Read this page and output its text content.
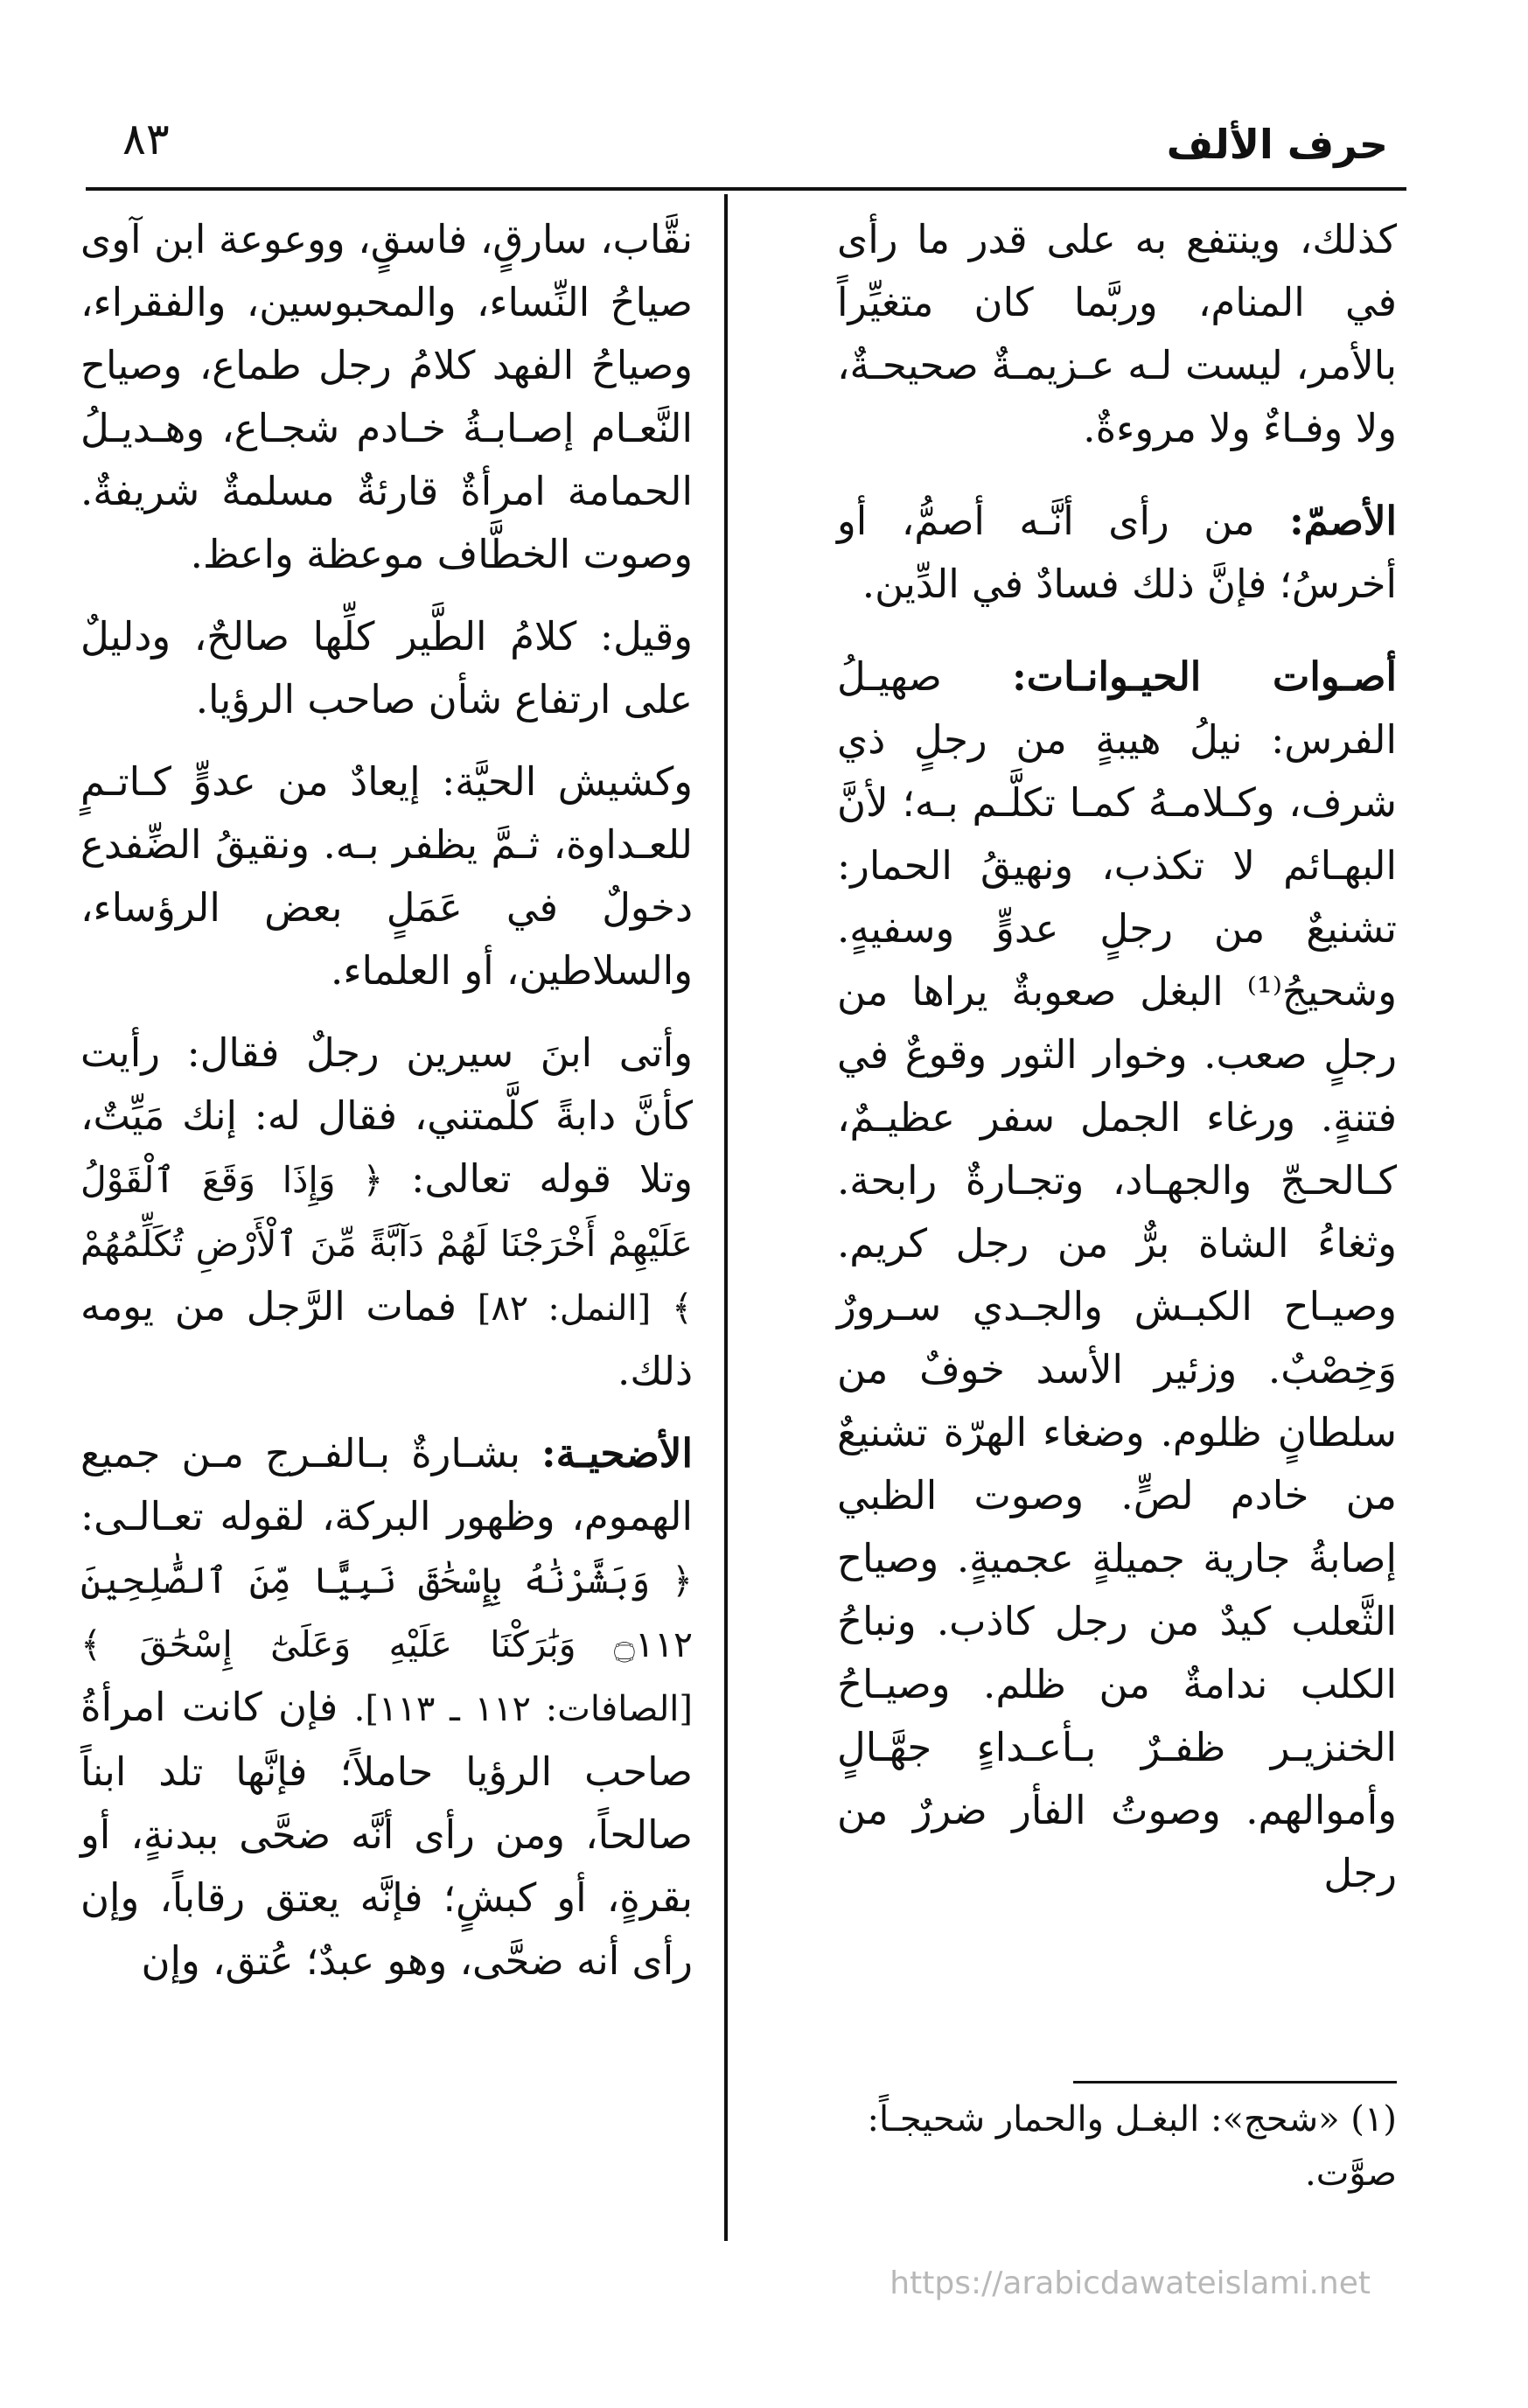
حرف الألف
٨٣

كذلك، وينتفع به على قدر ما رأى في المنام، وربَّما كان متغيِّراً بالأمر، ليست لـه عـزيمـةٌ صحيحـةٌ، ولا وفـاءٌ ولا مروءةٌ.

الأصمّ: من رأى أنَّـه أصمُّ، أو أخرسُ؛ فإنَّ ذلك فسادٌ في الدِّين.

أصـوات الحيـوانـات: صهيـلُ الفرس: نيلُ هيبةٍ من رجلٍ ذي شرف، وكـلامـهُ كمـا تكلَّـم بـه؛ لأنَّ البهـائم لا تكذب، ونهيقُ الحمار: تشنيعٌ من رجلٍ عدوٍّ وسفيهٍ. وشحيجُ⁽¹⁾ البغل صعوبةٌ يراها من رجلٍ صعب. وخوار الثور وقوعٌ في فتنةٍ. ورغاء الجمل سفر عظيـمٌ، كـالحـجّ والجهـاد، وتجـارةٌ رابحة. وثغاءُ الشاة برٌّ من رجل كريم. وصيـاح الكبـش والجـدي سـرورٌ وَخِصْبٌ. وزئير الأسد خوفٌ من سلطانٍ ظلوم. وضغاء الهرّة تشنيعٌ من خادم لصٍّ. وصوت الظبي إصابةُ جارية جميلةٍ عجميةٍ. وصياح الثَّعلب كيدٌ من رجل كاذب. ونباحُ الكلب ندامةٌ من ظلم. وصيـاحُ الخنزيـر ظفـرٌ بـأعـداءٍ جهَّـالٍ وأموالهم. وصوتُ الفأر ضررٌ من رجل

نقَّاب، سارقٍ، فاسقٍ، ووعوعة ابن آوى صياحُ النِّساء، والمحبوسين، والفقراء، وصياحُ الفهد كلامُ رجل طماع، وصياح النَّعـام إصـابـةُ خـادم شجـاع، وهـديـلُ الحمامة امرأةٌ قارئةٌ مسلمةٌ شريفةٌ. وصوت الخطَّاف موعظة واعظ.

وقيل: كلامُ الطَّير كلِّها صالحٌ، ودليلٌ على ارتفاع شأن صاحب الرؤيا.

وكشيش الحيَّة: إيعادٌ من عدوٍّ كـاتـمٍ للعـداوة، ثـمَّ يظفر بـه. ونقيقُ الضِّفدع دخولٌ في عَمَلٍ بعض الرؤساء، والسلاطين، أو العلماء.

وأتى ابنَ سيرين رجلٌ فقال: رأيت كأنَّ دابةً كلَّمتني، فقال له: إنك مَيِّتٌ، وتلا قوله تعالى: ﴿ وَإِذَا وَقَعَ ٱلْقَوْلُ عَلَيْهِمْ أَخْرَجْنَا لَهُمْ دَآبَّةً مِّنَ ٱلْأَرْضِ تُكَلِّمُهُمْ ﴾ [النمل: ٨٢] فمات الرَّجل من يومه ذلك.

الأضحيـة: بشـارةٌ بـالفـرج مـن جميع الهموم، وظهور البركة، لقوله تعـالـى: ﴿ وَبَشَّرْنَٰهُ بِإِسْحَٰقَ نَبِيًّا مِّنَ ٱلصَّٰلِحِينَ ۝١١٢ وَبَٰرَكْنَا عَلَيْهِ وَعَلَىٰٓ إِسْحَٰقَ ﴾ [الصافات: ١١٢ ـ ١١٣]. فإن كانت امرأةُ صاحب الرؤيا حاملاً؛ فإنَّها تلد ابناً صالحاً، ومن رأى أنَّه ضحَّى ببدنةٍ، أو بقرةٍ، أو كبشٍ؛ فإنَّه يعتق رقاباً، وإن رأى أنه ضحَّى، وهو عبدٌ؛ عُتق، وإن

(١) «شحج»: البغـل والحمار شحيجـاً: صوَّت.
https://arabicdawateislami.net
